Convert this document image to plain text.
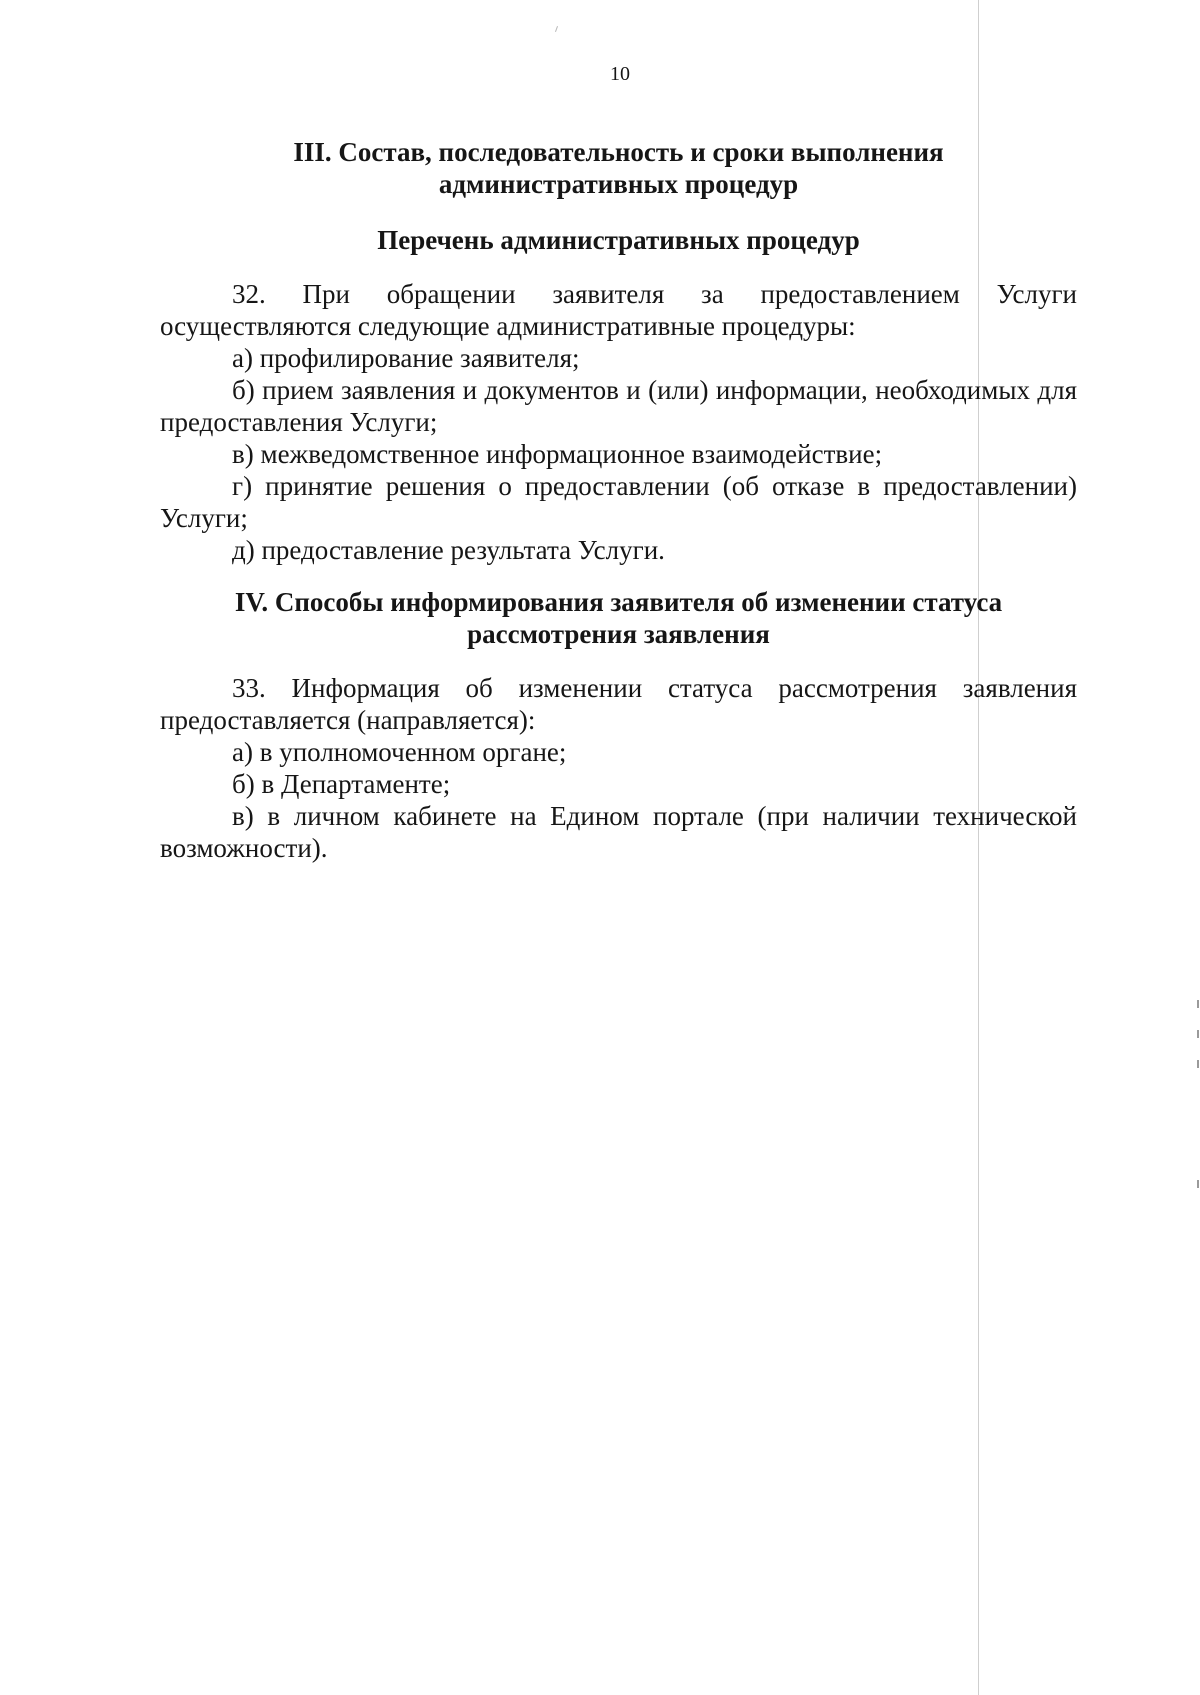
10
III. Состав, последовательность и сроки выполнения
административных процедур

Перечень административных процедур

32. При обращении заявителя за предоставлением Услуги осуществляются следующие административные процедуры:

а) профилирование заявителя;

б) прием заявления и документов и (или) информации, необходимых для предоставления Услуги;

в) межведомственное информационное взаимодействие;

г) принятие решения о предоставлении (об отказе в предоставлении) Услуги;

д) предоставление результата Услуги.

IV. Способы информирования заявителя об изменении статуса
рассмотрения заявления

33. Информация об изменении статуса рассмотрения заявления предоставляется (направляется):

а) в уполномоченном органе;

б) в Департаменте;

в) в личном кабинете на Едином портале (при наличии технической возможности).
